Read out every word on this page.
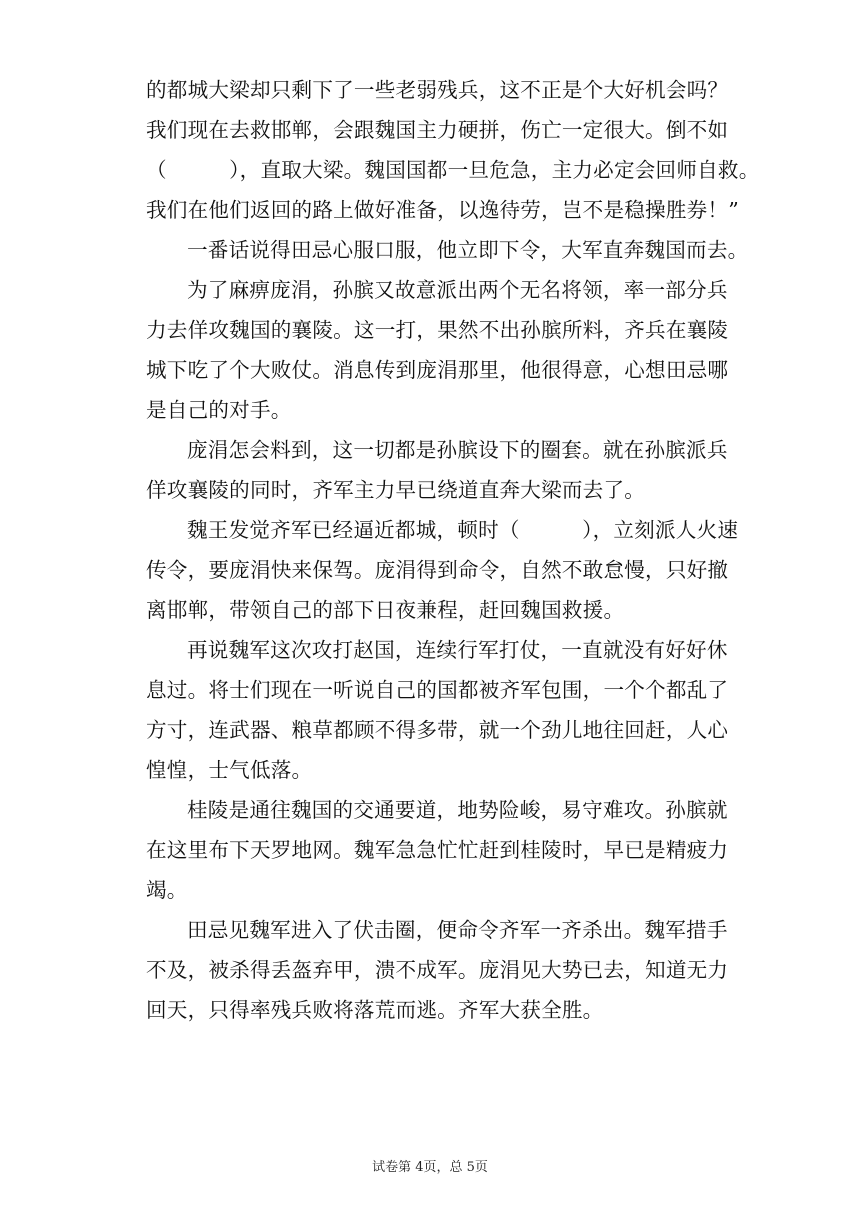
的都城大梁却只剩下了一些老弱残兵，这不正是个大好机会吗？
我们现在去救邯郸，会跟魏国主力硬拼，伤亡一定很大。倒不如
（　　　），直取大梁。魏国国都一旦危急，主力必定会回师自救。
我们在他们返回的路上做好准备，以逸待劳，岂不是稳操胜券！”
一番话说得田忌心服口服，他立即下令，大军直奔魏国而去。
为了麻痹庞涓，孙膑又故意派出两个无名将领，率一部分兵
力去佯攻魏国的襄陵。这一打，果然不出孙膑所料，齐兵在襄陵
城下吃了个大败仗。消息传到庞涓那里，他很得意，心想田忌哪
是自己的对手。
庞涓怎会料到，这一切都是孙膑设下的圈套。就在孙膑派兵
佯攻襄陵的同时，齐军主力早已绕道直奔大梁而去了。
魏王发觉齐军已经逼近都城，顿时（　　　），立刻派人火速
传令，要庞涓快来保驾。庞涓得到命令，自然不敢怠慢，只好撤
离邯郸，带领自己的部下日夜兼程，赶回魏国救援。
再说魏军这次攻打赵国，连续行军打仗，一直就没有好好休
息过。将士们现在一听说自己的国都被齐军包围，一个个都乱了
方寸，连武器、粮草都顾不得多带，就一个劲儿地往回赶，人心
惶惶，士气低落。
桂陵是通往魏国的交通要道，地势险峻，易守难攻。孙膑就
在这里布下天罗地网。魏军急急忙忙赶到桂陵时，早已是精疲力
竭。
田忌见魏军进入了伏击圈，便命令齐军一齐杀出。魏军措手
不及，被杀得丢盔弃甲，溃不成军。庞涓见大势已去，知道无力
回天，只得率残兵败将落荒而逃。齐军大获全胜。
试卷第 4页，总 5页
